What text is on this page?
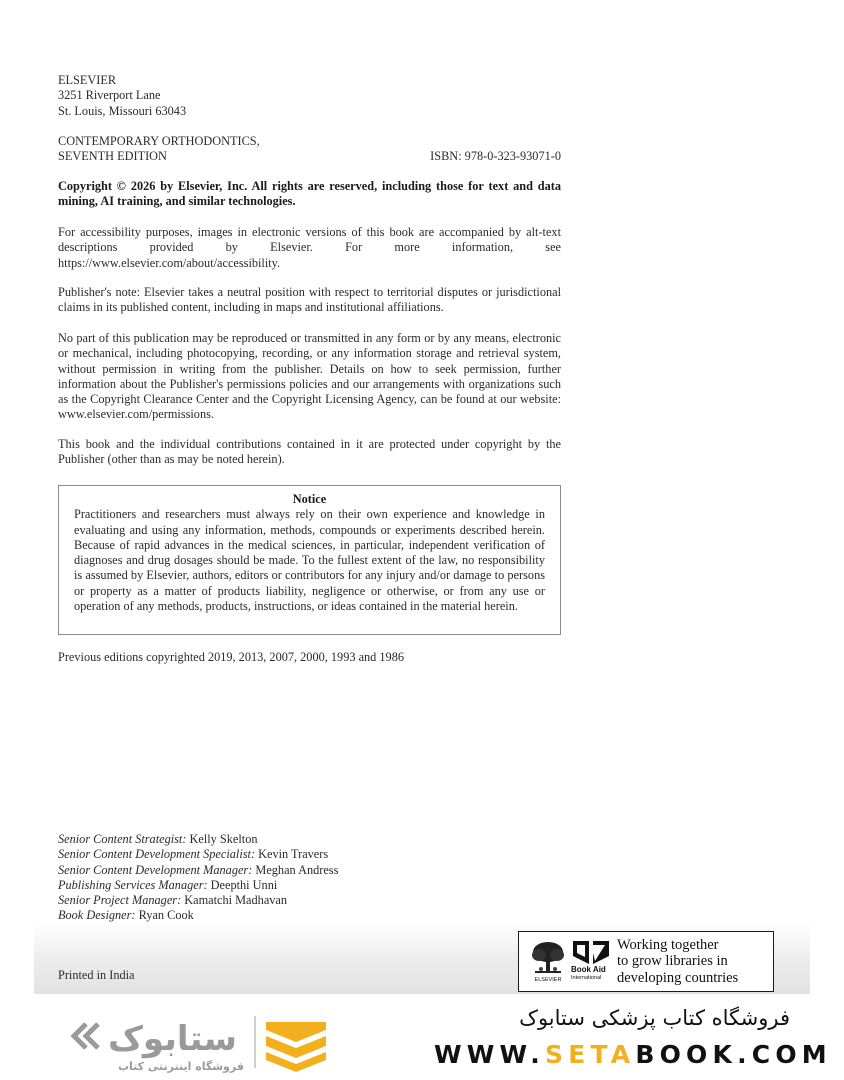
ELSEVIER
3251 Riverport Lane
St. Louis, Missouri 63043
CONTEMPORARY ORTHODONTICS,
SEVENTH EDITION	ISBN: 978-0-323-93071-0
Copyright © 2026 by Elsevier, Inc. All rights are reserved, including those for text and data mining, AI training, and similar technologies.
For accessibility purposes, images in electronic versions of this book are accompanied by alt-text descriptions provided by Elsevier. For more information, see https://www.elsevier.com/about/accessibility.
Publisher's note: Elsevier takes a neutral position with respect to territorial disputes or jurisdictional claims in its published content, including in maps and institutional affiliations.
No part of this publication may be reproduced or transmitted in any form or by any means, electronic or mechanical, including photocopying, recording, or any information storage and retrieval system, without permission in writing from the publisher. Details on how to seek permission, further information about the Publisher's permissions policies and our arrangements with organizations such as the Copyright Clearance Center and the Copyright Licensing Agency, can be found at our website: www.elsevier.com/permissions.
This book and the individual contributions contained in it are protected under copyright by the Publisher (other than as may be noted herein).
Notice
Practitioners and researchers must always rely on their own experience and knowledge in evaluating and using any information, methods, compounds or experiments described herein. Because of rapid advances in the medical sciences, in particular, independent verification of diagnoses and drug dosages should be made. To the fullest extent of the law, no responsibility is assumed by Elsevier, authors, editors or contributors for any injury and/or damage to persons or property as a matter of products liability, negligence or otherwise, or from any use or operation of any methods, products, instructions, or ideas contained in the material herein.
Previous editions copyrighted 2019, 2013, 2007, 2000, 1993 and 1986
Senior Content Strategist: Kelly Skelton
Senior Content Development Specialist: Kevin Travers
Senior Content Development Manager: Meghan Andress
Publishing Services Manager: Deepthi Unni
Senior Project Manager: Kamatchi Madhavan
Book Designer: Ryan Cook
Printed in India	ELSEVIER
Book Aid
International
Working together
to grow libraries in
developing countries
ستابوک
فروشگاه اینترنتی کتاب
فروشگاه کتاب پزشکی ستابوک
WWW.SETABOOK.COM
